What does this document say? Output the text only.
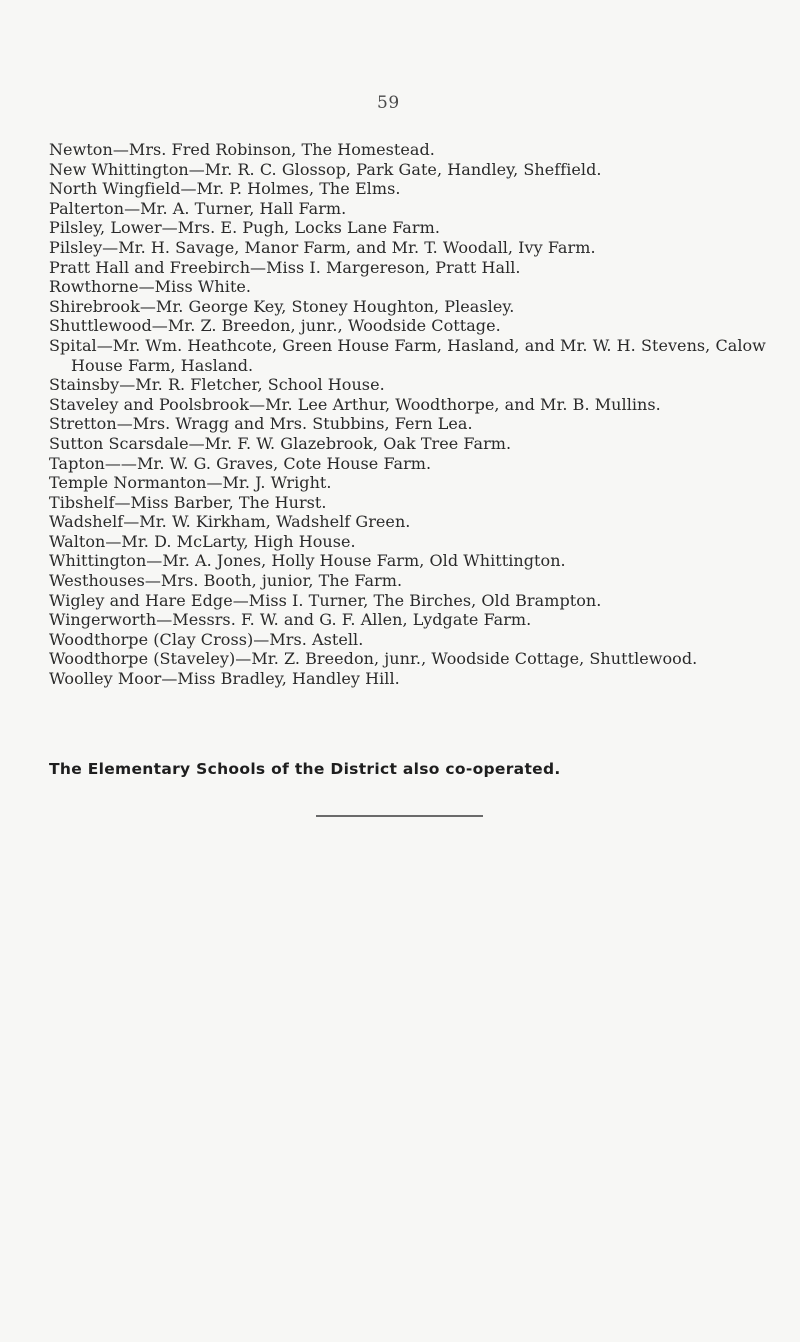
59
Newton—Mrs. Fred Robinson, The Homestead.
New Whittington—Mr. R. C. Glossop, Park Gate, Handley, Sheffield.
North Wingfield—Mr. P. Holmes, The Elms.
Palterton—Mr. A. Turner, Hall Farm.
Pilsley, Lower—Mrs. E. Pugh, Locks Lane Farm.
Pilsley—Mr. H. Savage, Manor Farm, and Mr. T. Woodall, Ivy Farm.
Pratt Hall and Freebirch—Miss I. Margereson, Pratt Hall.
Rowthorne—Miss White.
Shirebrook—Mr. George Key, Stoney Houghton, Pleasley.
Shuttlewood—Mr. Z. Breedon, junr., Woodside Cottage.
Spital—Mr. Wm. Heathcote, Green House Farm, Hasland, and Mr. W. H. Stevens, Calow House Farm, Hasland.
Stainsby—Mr. R. Fletcher, School House.
Staveley and Poolsbrook—Mr. Lee Arthur, Woodthorpe, and Mr. B. Mullins.
Stretton—Mrs. Wragg and Mrs. Stubbins, Fern Lea.
Sutton Scarsdale—Mr. F. W. Glazebrook, Oak Tree Farm.
Tapton——Mr. W. G. Graves, Cote House Farm.
Temple Normanton—Mr. J. Wright.
Tibshelf—Miss Barber, The Hurst.
Wadshelf—Mr. W. Kirkham, Wadshelf Green.
Walton—Mr. D. McLarty, High House.
Whittington—Mr. A. Jones, Holly House Farm, Old Whittington.
Westhouses—Mrs. Booth, junior, The Farm.
Wigley and Hare Edge—Miss I. Turner, The Birches, Old Brampton.
Wingerworth—Messrs. F. W. and G. F. Allen, Lydgate Farm.
Woodthorpe (Clay Cross)—Mrs. Astell.
Woodthorpe (Staveley)—Mr. Z. Breedon, junr., Woodside Cottage, Shuttlewood.
Woolley Moor—Miss Bradley, Handley Hill.
The Elementary Schools of the District also co-operated.
